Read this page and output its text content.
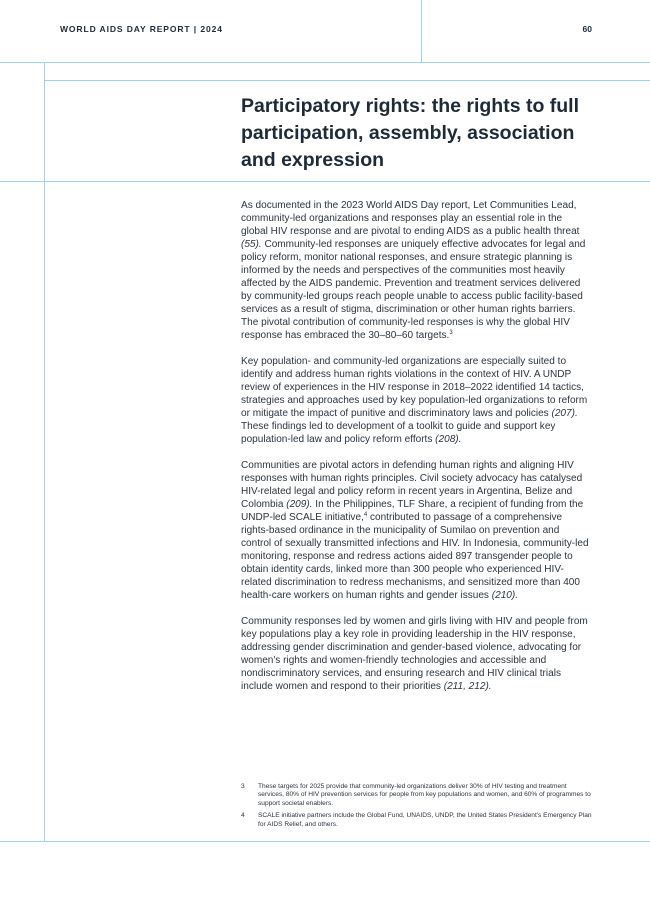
WORLD AIDS DAY REPORT | 2024	60
Participatory rights: the rights to full participation, assembly, association and expression

As documented in the 2023 World AIDS Day report, Let Communities Lead, community-led organizations and responses play an essential role in the global HIV response and are pivotal to ending AIDS as a public health threat (55). Community-led responses are uniquely effective advocates for legal and policy reform, monitor national responses, and ensure strategic planning is informed by the needs and perspectives of the communities most heavily affected by the AIDS pandemic. Prevention and treatment services delivered by community-led groups reach people unable to access public facility-based services as a result of stigma, discrimination or other human rights barriers. The pivotal contribution of community-led responses is why the global HIV response has embraced the 30–80–60 targets.$^3$

Key population- and community-led organizations are especially suited to identify and address human rights violations in the context of HIV. A UNDP review of experiences in the HIV response in 2018–2022 identified 14 tactics, strategies and approaches used by key population-led organizations to reform or mitigate the impact of punitive and discriminatory laws and policies (207). These findings led to development of a toolkit to guide and support key population-led law and policy reform efforts (208).

Communities are pivotal actors in defending human rights and aligning HIV responses with human rights principles. Civil society advocacy has catalysed HIV-related legal and policy reform in recent years in Argentina, Belize and Colombia (209). In the Philippines, TLF Share, a recipient of funding from the UNDP-led SCALE initiative,$^4$ contributed to passage of a comprehensive rights-based ordinance in the municipality of Sumilao on prevention and control of sexually transmitted infections and HIV. In Indonesia, community-led monitoring, response and redress actions aided 897 transgender people to obtain identity cards, linked more than 300 people who experienced HIV-related discrimination to redress mechanisms, and sensitized more than 400 health-care workers on human rights and gender issues (210).

Community responses led by women and girls living with HIV and people from key populations play a key role in providing leadership in the HIV response, addressing gender discrimination and gender-based violence, advocating for women's rights and women-friendly technologies and accessible and nondiscriminatory services, and ensuring research and HIV clinical trials include women and respond to their priorities (211, 212).

3	These targets for 2025 provide that community-led organizations deliver 30% of HIV testing and treatment services, 80% of HIV prevention services for people from key populations and women, and 60% of programmes to support societal enablers.
4	SCALE initiative partners include the Global Fund, UNAIDS, UNDP, the United States President's Emergency Plan for AIDS Relief, and others.
